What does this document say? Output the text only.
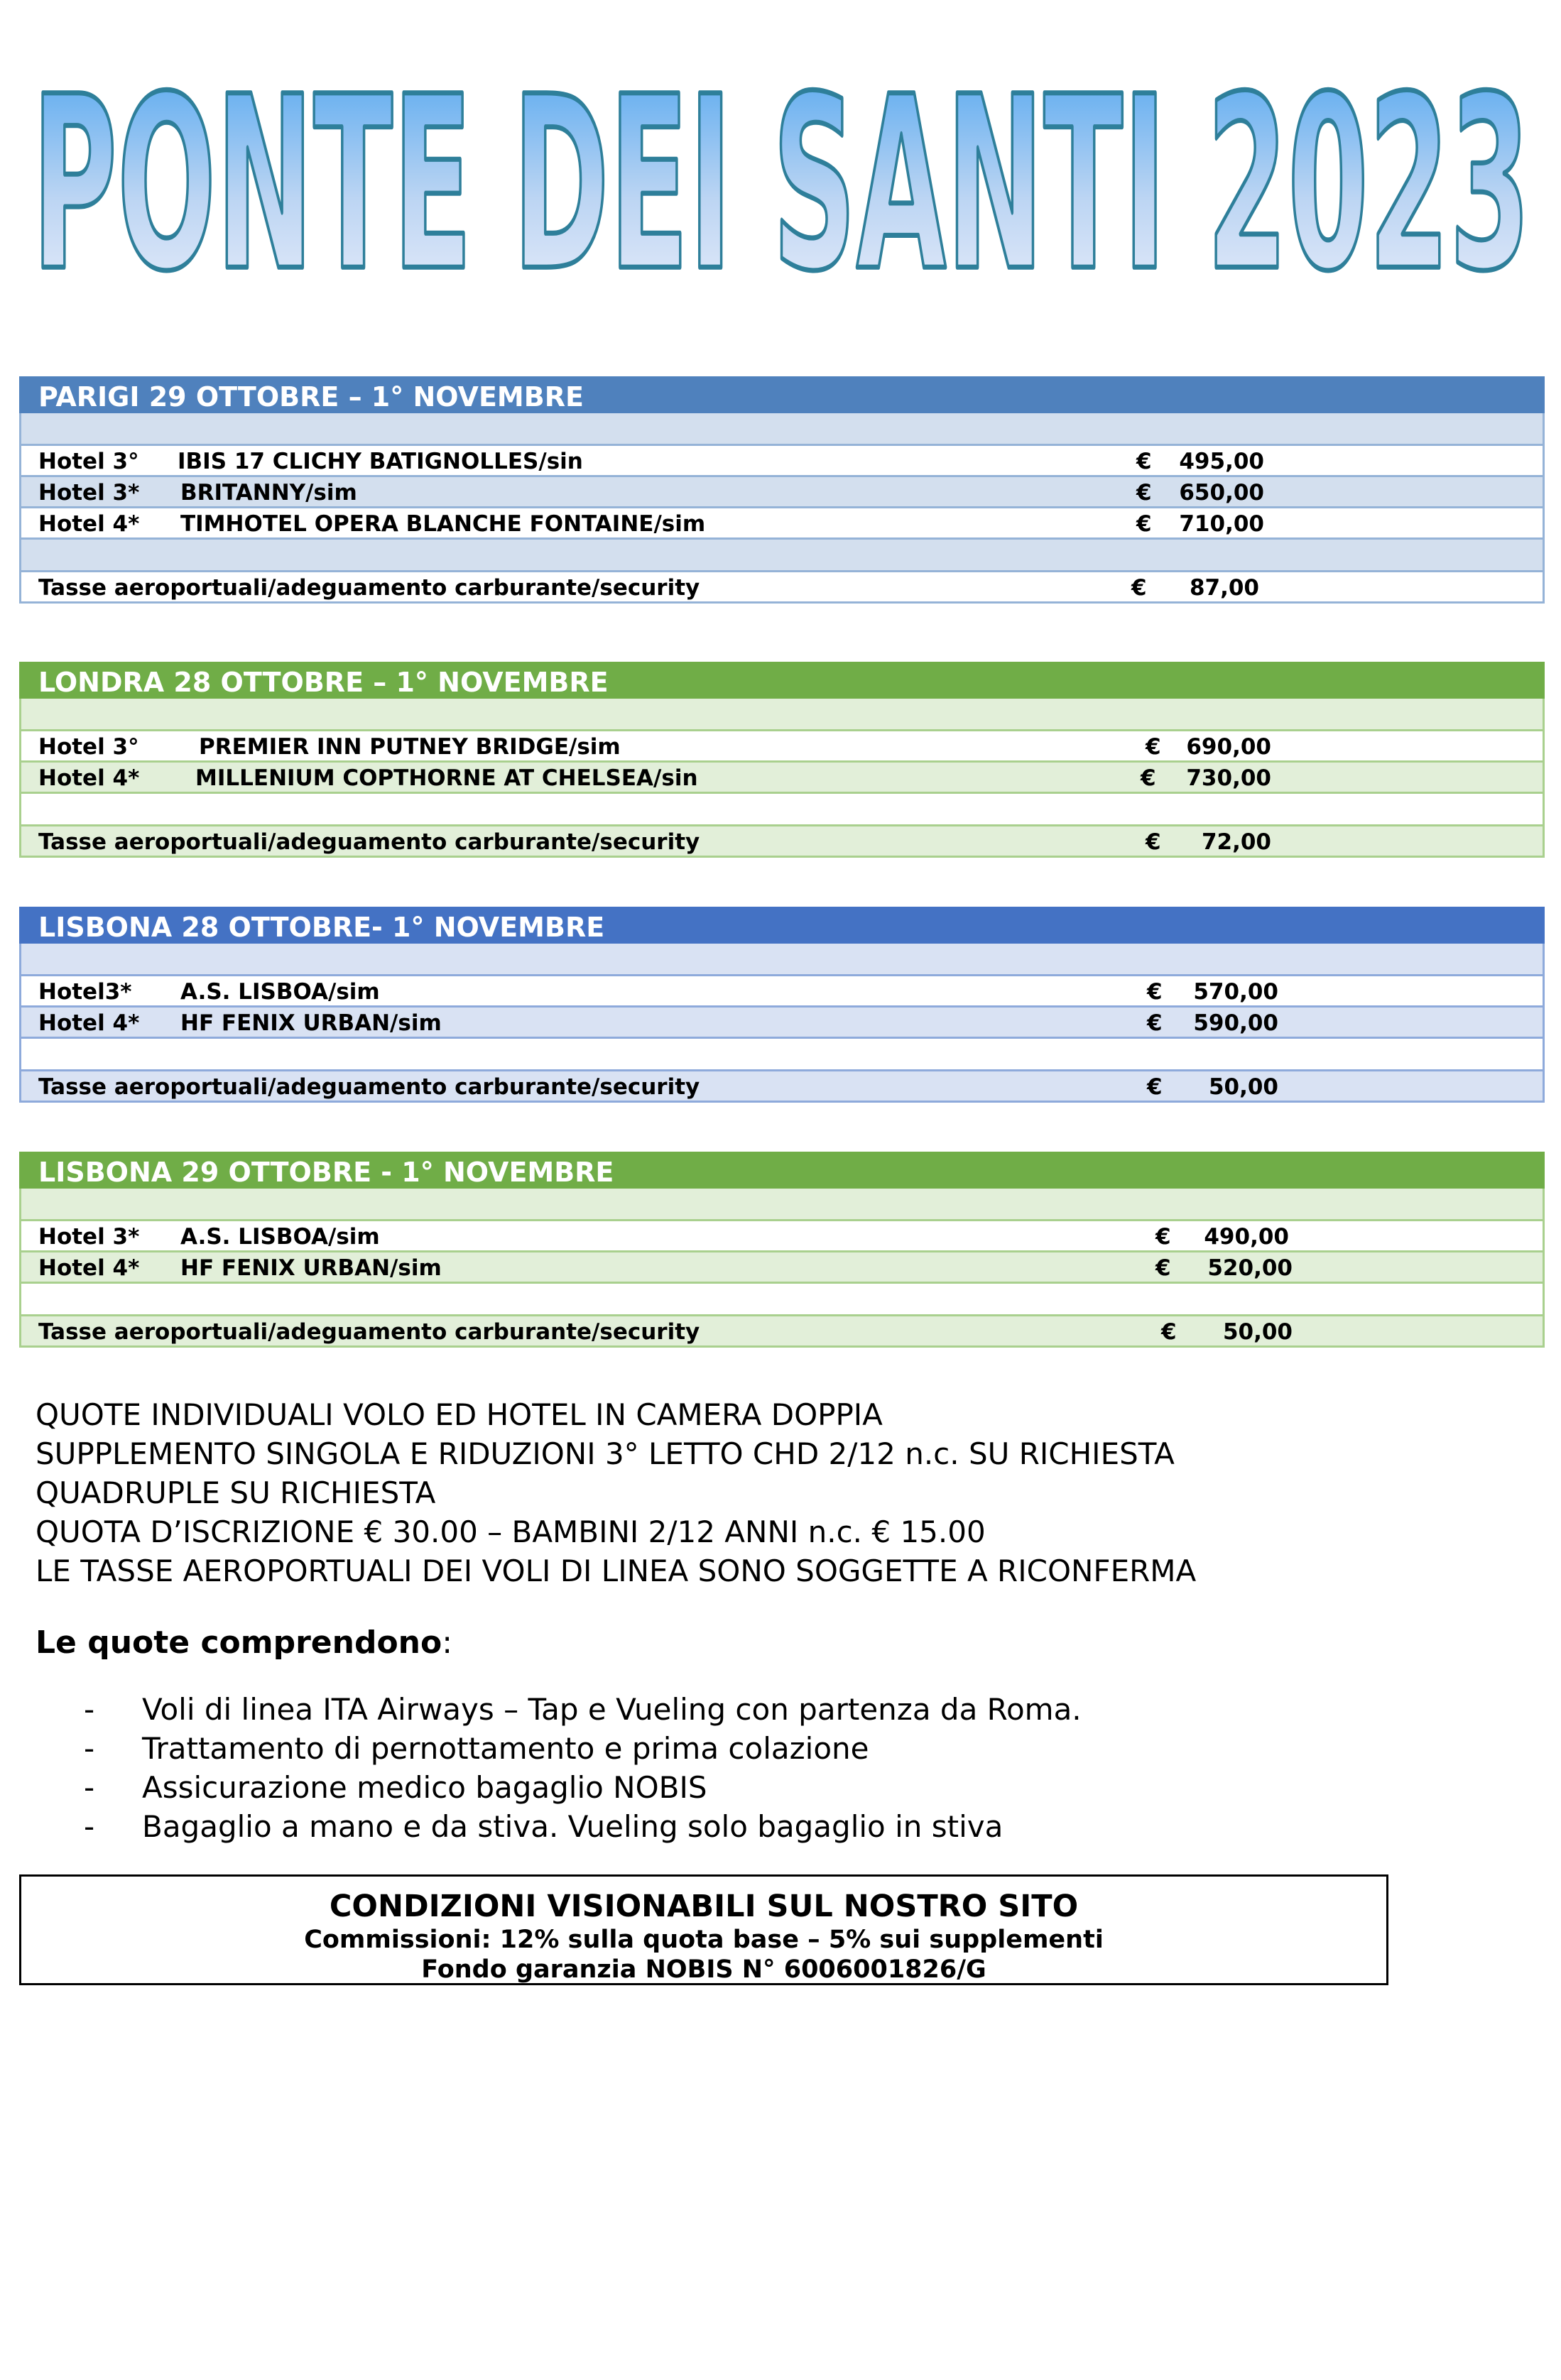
PONTE DEI SANTI 2023
PARIGI 29 OTTOBRE – 1° NOVEMBRE
Hotel 3° IBIS 17 CLICHY BATIGNOLLES/sin	€	495,00
Hotel 3* BRITANNY/sim	€	650,00
Hotel 4* TIMHOTEL OPERA BLANCHE FONTAINE/sim	€	710,00
Tasse aeroportuali/adeguamento carburante/security	€	87,00
LONDRA 28 OTTOBRE – 1° NOVEMBRE
Hotel 3°	PREMIER INN PUTNEY BRIDGE/sim	€	690,00
Hotel 4*	MILLENIUM COPTHORNE AT CHELSEA/sin	€	730,00
Tasse aeroportuali/adeguamento carburante/security	€	72,00
LISBONA 28 OTTOBRE- 1° NOVEMBRE
Hotel3* A.S. LISBOA/sim	€	570,00
Hotel 4* HF FENIX URBAN/sim	€	590,00
Tasse aeroportuali/adeguamento carburante/security	€	50,00
LISBONA 29 OTTOBRE - 1° NOVEMBRE
Hotel 3* A.S. LISBOA/sim	€	490,00
Hotel 4* HF FENIX URBAN/sim	€	520,00
Tasse aeroportuali/adeguamento carburante/security	€	50,00
QUOTE INDIVIDUALI VOLO ED HOTEL IN CAMERA DOPPIA
SUPPLEMENTO SINGOLA E RIDUZIONI 3° LETTO CHD 2/12 n.c. SU RICHIESTA
QUADRUPLE SU RICHIESTA
QUOTA D’ISCRIZIONE € 30.00 – BAMBINI 2/12 ANNI n.c. € 15.00
LE TASSE AEROPORTUALI DEI VOLI DI LINEA SONO SOGGETTE A RICONFERMA
Le quote comprendono:
- Voli di linea ITA Airways – Tap e Vueling con partenza da Roma.
- Trattamento di pernottamento e prima colazione
- Assicurazione medico bagaglio NOBIS
- Bagaglio a mano e da stiva. Vueling solo bagaglio in stiva
CONDIZIONI VISIONABILI SUL NOSTRO SITO
Commissioni: 12% sulla quota base – 5% sui supplementi
Fondo garanzia NOBIS N° 6006001826/G
